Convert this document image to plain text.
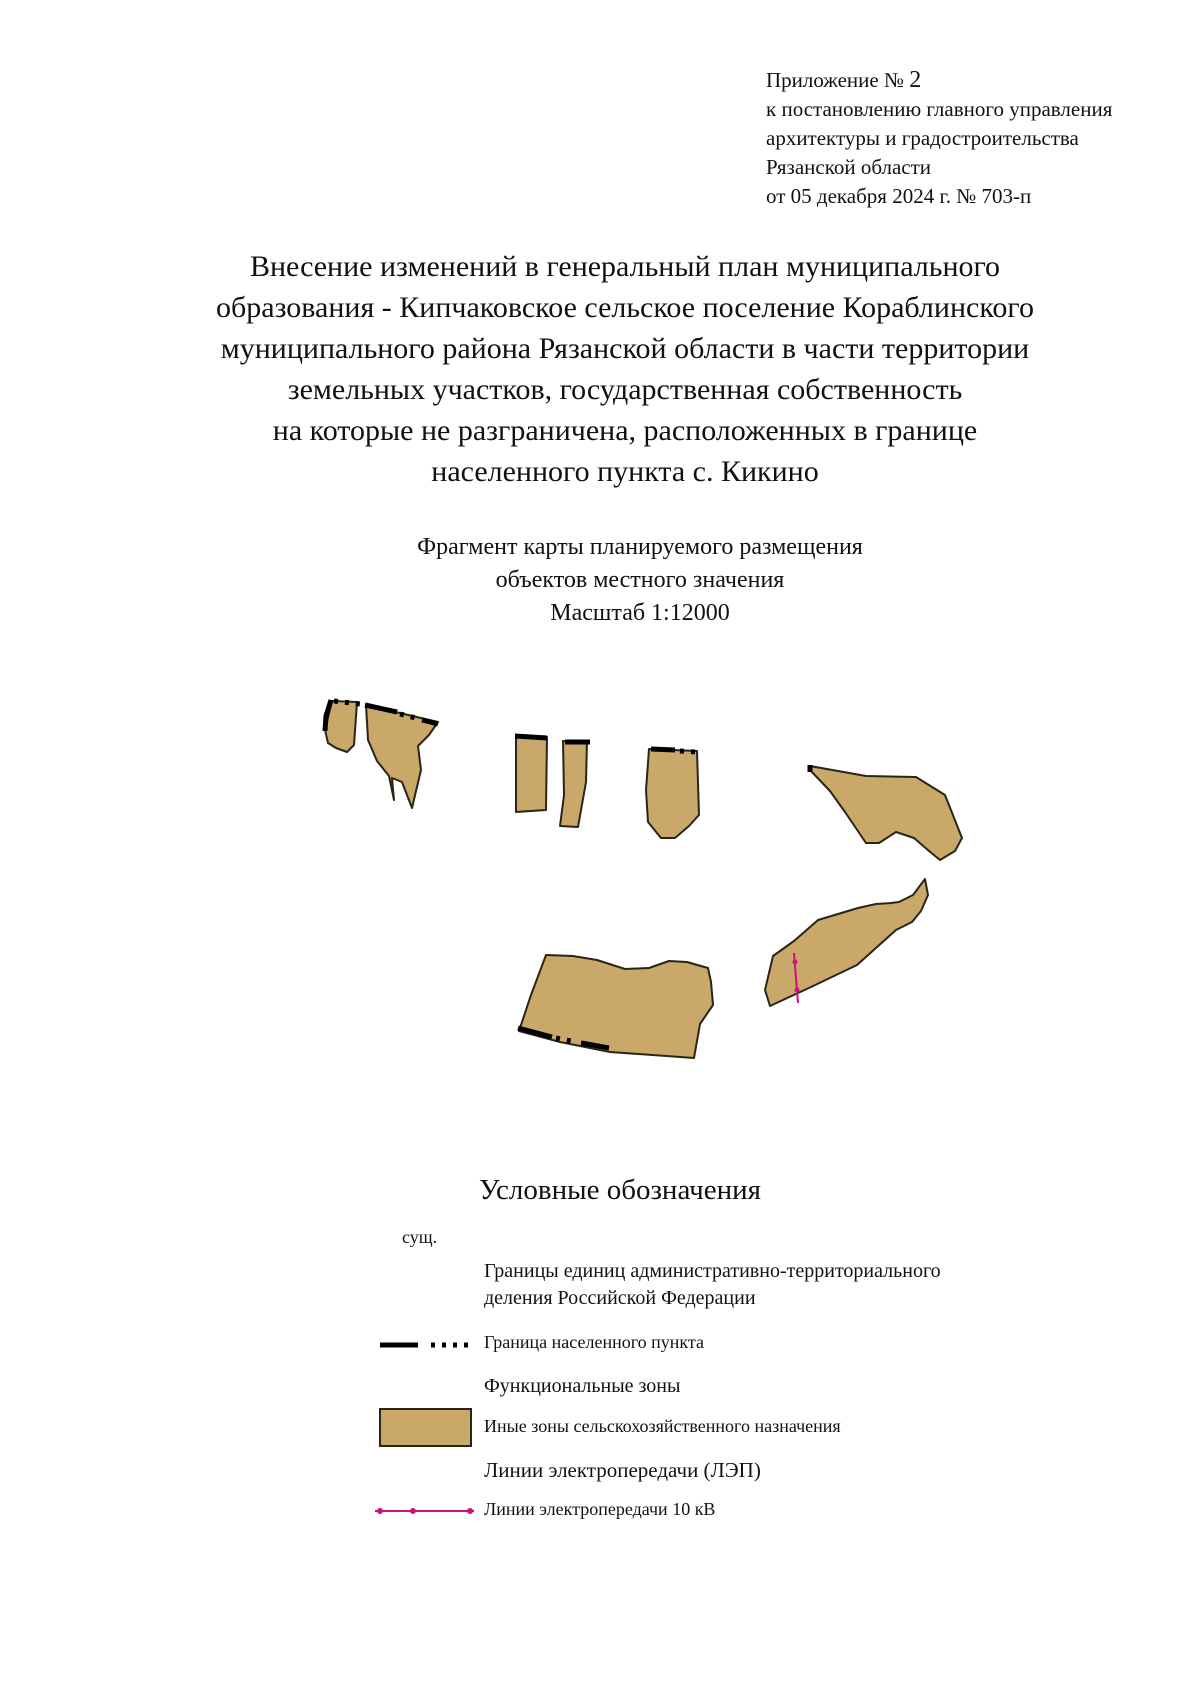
Приложение № 2
к постановлению главного управления
архитектуры и градостроительства
Рязанской области
от 05 декабря 2024 г. № 703-п
Внесение изменений в генеральный план муниципального
образования - Кипчаковское сельское поселение Кораблинского
муниципального района Рязанской области в части территории
земельных участков, государственная собственность
на которые не разграничена, расположенных в границе
населенного пункта с. Кикино
Фрагмент карты планируемого размещения
объектов местного значения
Масштаб 1:12000
Условные обозначения
сущ.
Границы единиц административно-территориального
деления Российской Федерации
Граница населенного пункта
Функциональные зоны
Иные зоны сельскохозяйственного назначения
Линии электропередачи (ЛЭП)
Линии электропередачи 10 кВ
